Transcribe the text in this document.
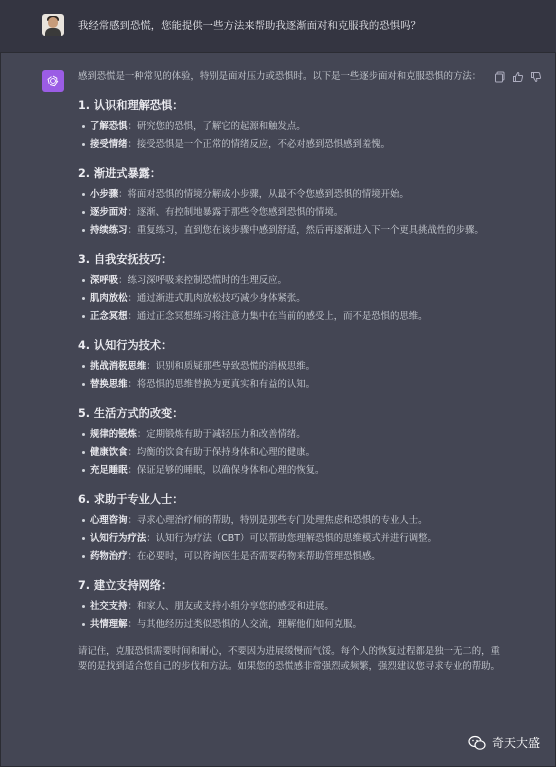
我经常感到恐慌，您能提供一些方法来帮助我逐渐面对和克服我的恐惧吗？

感到恐慌是一种常见的体验，特别是面对压力或恐惧时。以下是一些逐步面对和克服恐惧的方法：

1. 认识和理解恐惧：
了解恐惧：研究您的恐惧，了解它的起源和触发点。
接受情绪：接受恐惧是一个正常的情绪反应，不必对感到恐惧感到羞愧。
2. 渐进式暴露：
小步骤：将面对恐惧的情境分解成小步骤，从最不令您感到恐惧的情境开始。
逐步面对：逐渐、有控制地暴露于那些令您感到恐惧的情境。
持续练习：重复练习，直到您在该步骤中感到舒适，然后再逐渐进入下一个更具挑战性的步骤。
3. 自我安抚技巧：
深呼吸：练习深呼吸来控制恐慌时的生理反应。
肌肉放松：通过渐进式肌肉放松技巧减少身体紧张。
正念冥想：通过正念冥想练习将注意力集中在当前的感受上，而不是恐惧的思维。
4. 认知行为技术：
挑战消极思维：识别和质疑那些导致恐慌的消极思维。
替换思维：将恐惧的思维替换为更真实和有益的认知。
5. 生活方式的改变：
规律的锻炼：定期锻炼有助于减轻压力和改善情绪。
健康饮食：均衡的饮食有助于保持身体和心理的健康。
充足睡眠：保证足够的睡眠，以确保身体和心理的恢复。
6. 求助于专业人士：
心理咨询：寻求心理治疗师的帮助，特别是那些专门处理焦虑和恐惧的专业人士。
认知行为疗法：认知行为疗法（CBT）可以帮助您理解恐惧的思维模式并进行调整。
药物治疗：在必要时，可以咨询医生是否需要药物来帮助管理恐惧感。
7. 建立支持网络：
社交支持：和家人、朋友或支持小组分享您的感受和进展。
共情理解：与其他经历过类似恐惧的人交流，理解他们如何克服。

请记住，克服恐惧需要时间和耐心，不要因为进展缓慢而气馁。每个人的恢复过程都是独一无二的，重要的是找到适合您自己的步伐和方法。如果您的恐慌感非常强烈或频繁，强烈建议您寻求专业的帮助。

奇天大盛
